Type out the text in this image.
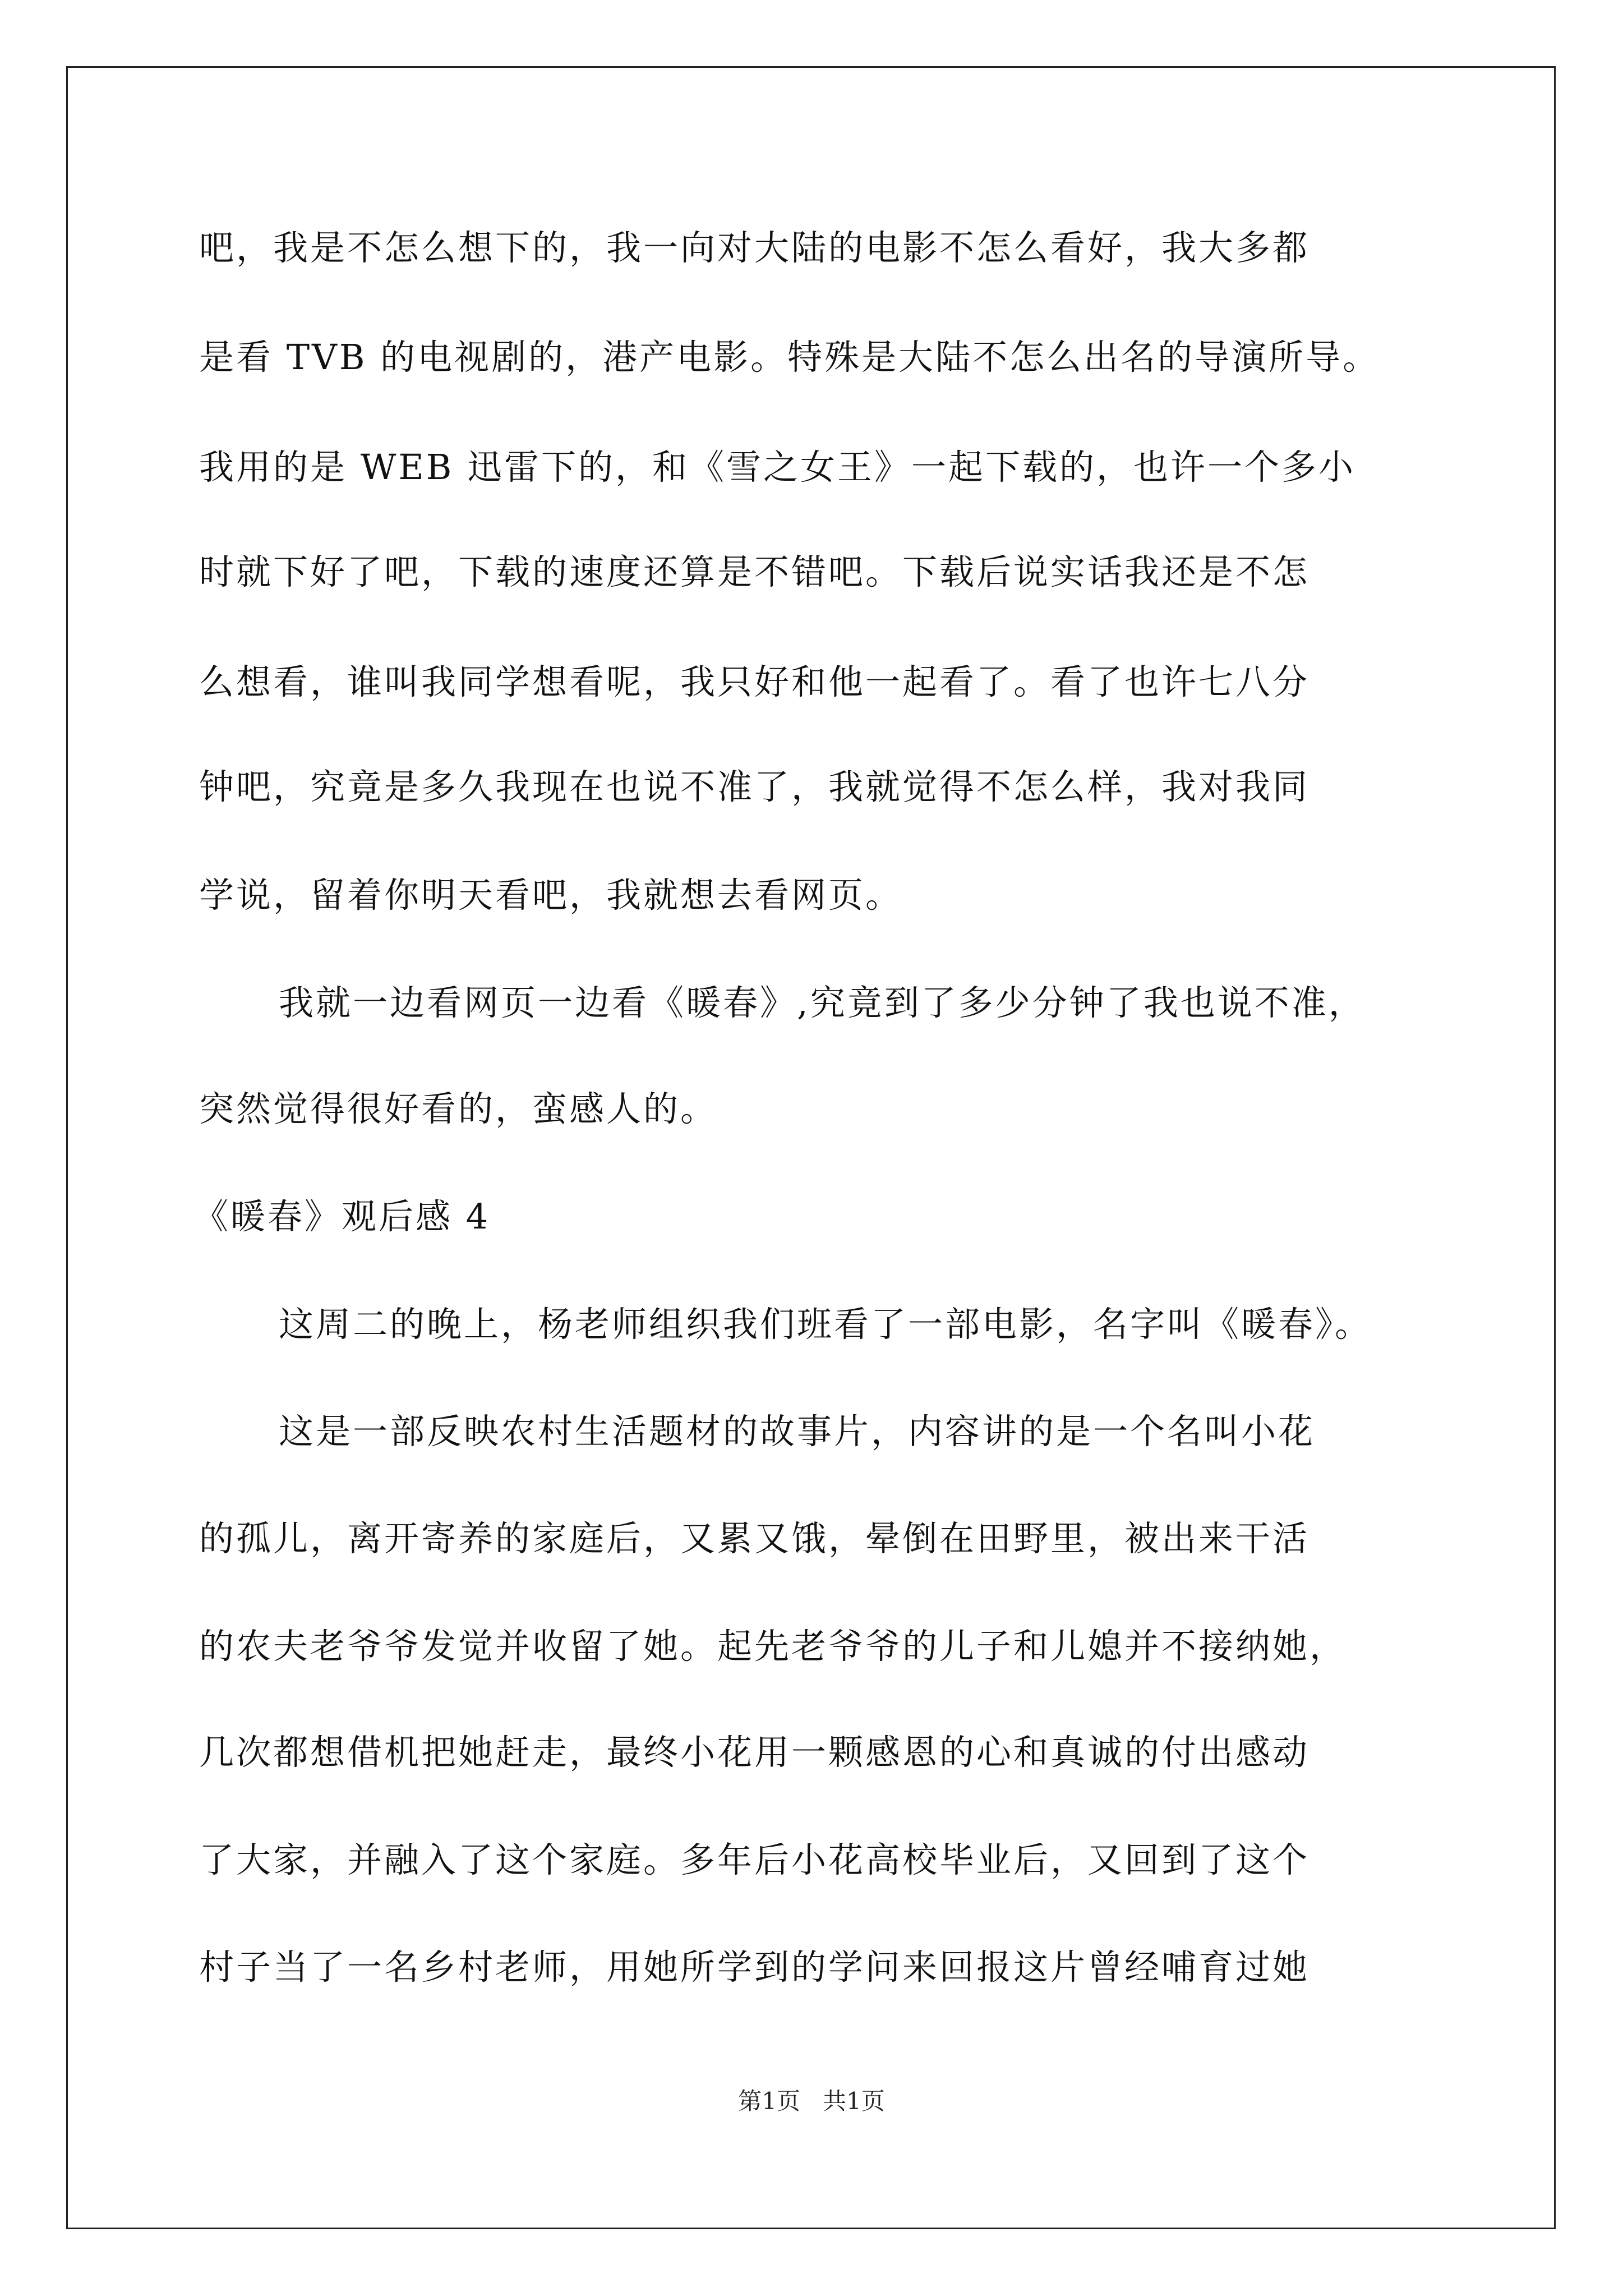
吧，我是不怎么想下的，我一向对大陆的电影不怎么看好，我大多都
是看 TVB 的电视剧的，港产电影。特殊是大陆不怎么出名的导演所导。
我用的是 WEB 迅雷下的，和《雪之女王》一起下载的，也许一个多小
时就下好了吧，下载的速度还算是不错吧。下载后说实话我还是不怎
么想看，谁叫我同学想看呢，我只好和他一起看了。看了也许七八分
钟吧，究竟是多久我现在也说不准了，我就觉得不怎么样，我对我同
学说，留着你明天看吧，我就想去看网页。
我就一边看网页一边看《暖春》,究竟到了多少分钟了我也说不准，
突然觉得很好看的，蛮感人的。
《暖春》观后感 4
这周二的晚上，杨老师组织我们班看了一部电影，名字叫《暖春》。
这是一部反映农村生活题材的故事片，内容讲的是一个名叫小花
的孤儿，离开寄养的家庭后，又累又饿，晕倒在田野里，被出来干活
的农夫老爷爷发觉并收留了她。起先老爷爷的儿子和儿媳并不接纳她，
几次都想借机把她赶走，最终小花用一颗感恩的心和真诚的付出感动
了大家，并融入了这个家庭。多年后小花高校毕业后，又回到了这个
村子当了一名乡村老师，用她所学到的学问来回报这片曾经哺育过她
第1页   共1页
